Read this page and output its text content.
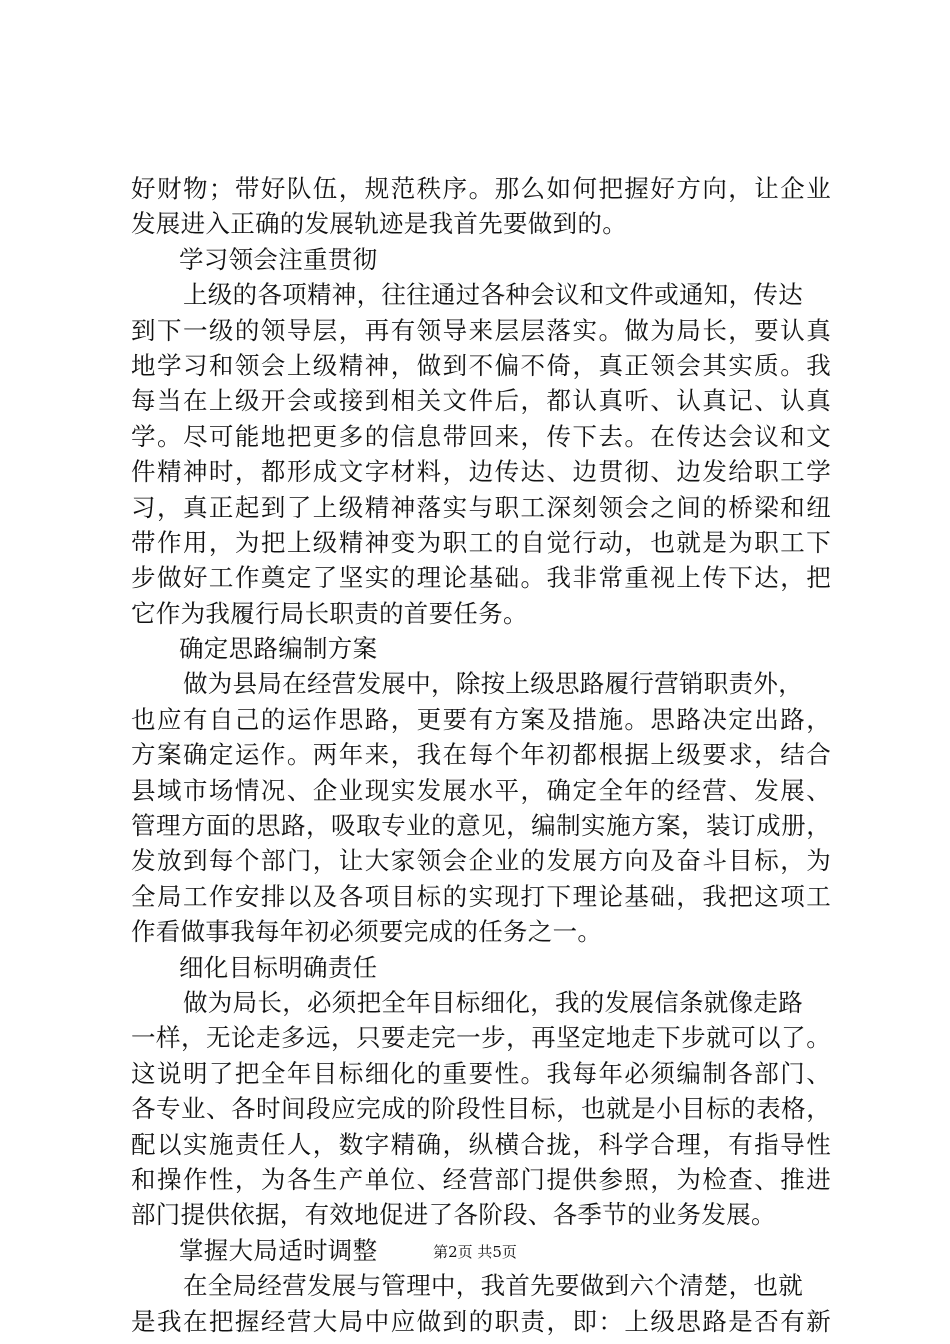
好财物；带好队伍，规范秩序。那么如何把握好方向，让企业
发展进入正确的发展轨迹是我首先要做到的。
学习领会注重贯彻
上级的各项精神，往往通过各种会议和文件或通知，传达
到下一级的领导层，再有领导来层层落实。做为局长，要认真
地学习和领会上级精神，做到不偏不倚，真正领会其实质。我
每当在上级开会或接到相关文件后，都认真听、认真记、认真
学。尽可能地把更多的信息带回来，传下去。在传达会议和文
件精神时，都形成文字材料，边传达、边贯彻、边发给职工学
习，真正起到了上级精神落实与职工深刻领会之间的桥梁和纽
带作用，为把上级精神变为职工的自觉行动，也就是为职工下
步做好工作奠定了坚实的理论基础。我非常重视上传下达，把
它作为我履行局长职责的首要任务。
确定思路编制方案
做为县局在经营发展中，除按上级思路履行营销职责外，
也应有自己的运作思路，更要有方案及措施。思路决定出路，
方案确定运作。两年来，我在每个年初都根据上级要求，结合
县域市场情况、企业现实发展水平，确定全年的经营、发展、
管理方面的思路，吸取专业的意见，编制实施方案，装订成册，
发放到每个部门，让大家领会企业的发展方向及奋斗目标，为
全局工作安排以及各项目标的实现打下理论基础，我把这项工
作看做事我每年初必须要完成的任务之一。
细化目标明确责任
做为局长，必须把全年目标细化，我的发展信条就像走路
一样，无论走多远，只要走完一步，再坚定地走下步就可以了。
这说明了把全年目标细化的重要性。我每年必须编制各部门、
各专业、各时间段应完成的阶段性目标，也就是小目标的表格，
配以实施责任人，数字精确，纵横合拢，科学合理，有指导性
和操作性，为各生产单位、经营部门提供参照，为检查、推进
部门提供依据，有效地促进了各阶段、各季节的业务发展。
掌握大局适时调整
在全局经营发展与管理中，我首先要做到六个清楚，也就
是我在把握经营大局中应做到的职责，即：上级思路是否有新
第2页 共5页
